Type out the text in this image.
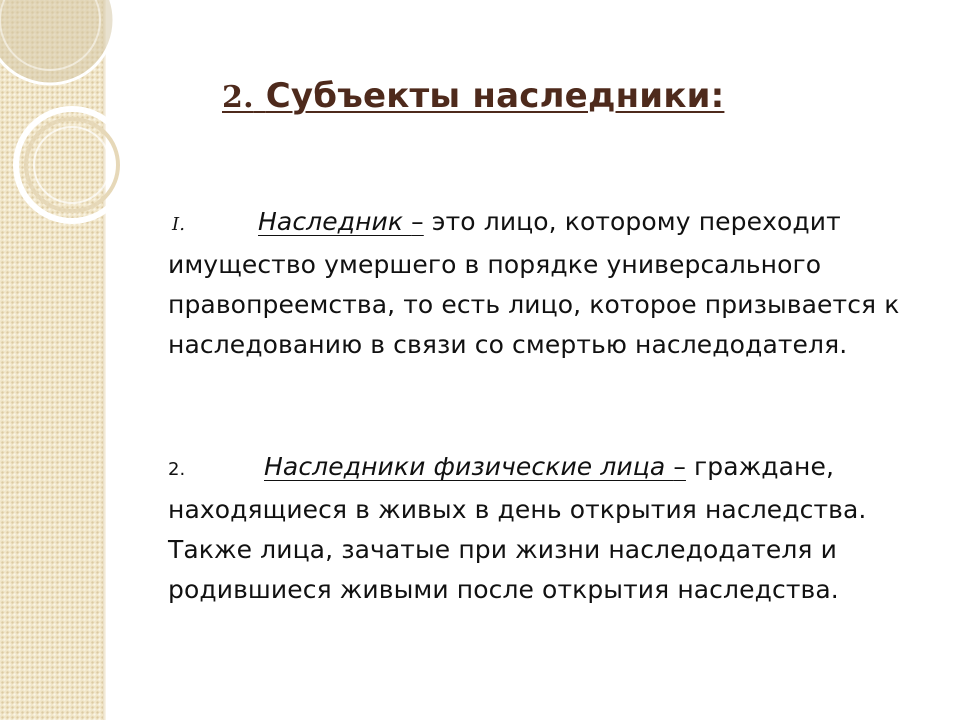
2. Субъекты наследники:

I.	Наследник – это лицо, которому переходит имущество умершего в порядке универсального правопреемства, то есть лицо, которое призывается к наследованию в связи со смертью наследодателя.

2.	Наследники физические лица – граждане, находящиеся в живых в день открытия наследства. Также лица, зачатые при жизни наследодателя и родившиеся живыми после открытия наследства.
